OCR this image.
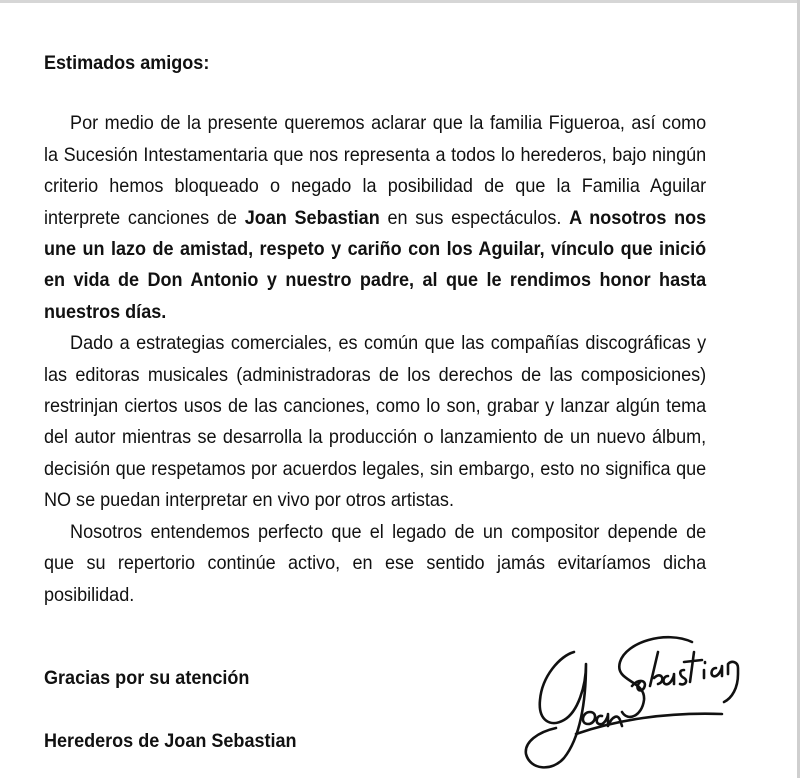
Estimados amigos:

Por medio de la presente queremos aclarar que la familia Figueroa, así como la Sucesión Intestamentaria que nos representa a todos lo herederos, bajo ningún criterio hemos bloqueado o negado la posibilidad de que la Familia Aguilar interprete canciones de Joan Sebastian en sus espectáculos. A nosotros nos une un lazo de amistad, respeto y cariño con los Aguilar, vínculo que inició en vida de Don Antonio y nuestro padre, al que le rendimos honor hasta nuestros días.

Dado a estrategias comerciales, es común que las compañías discográficas y las editoras musicales (administradoras de los derechos de las composiciones) restrinjan ciertos usos de las canciones, como lo son, grabar y lanzar algún tema del autor mientras se desarrolla la producción o lanzamiento de un nuevo álbum, decisión que respetamos por acuerdos legales, sin embargo, esto no significa que NO se puedan interpretar en vivo por otros artistas.

Nosotros entendemos perfecto que el legado de un compositor depende de que su repertorio continúe activo, en ese sentido jamás evitaríamos dicha posibilidad.

Gracias por su atención
Herederos de Joan Sebastian
